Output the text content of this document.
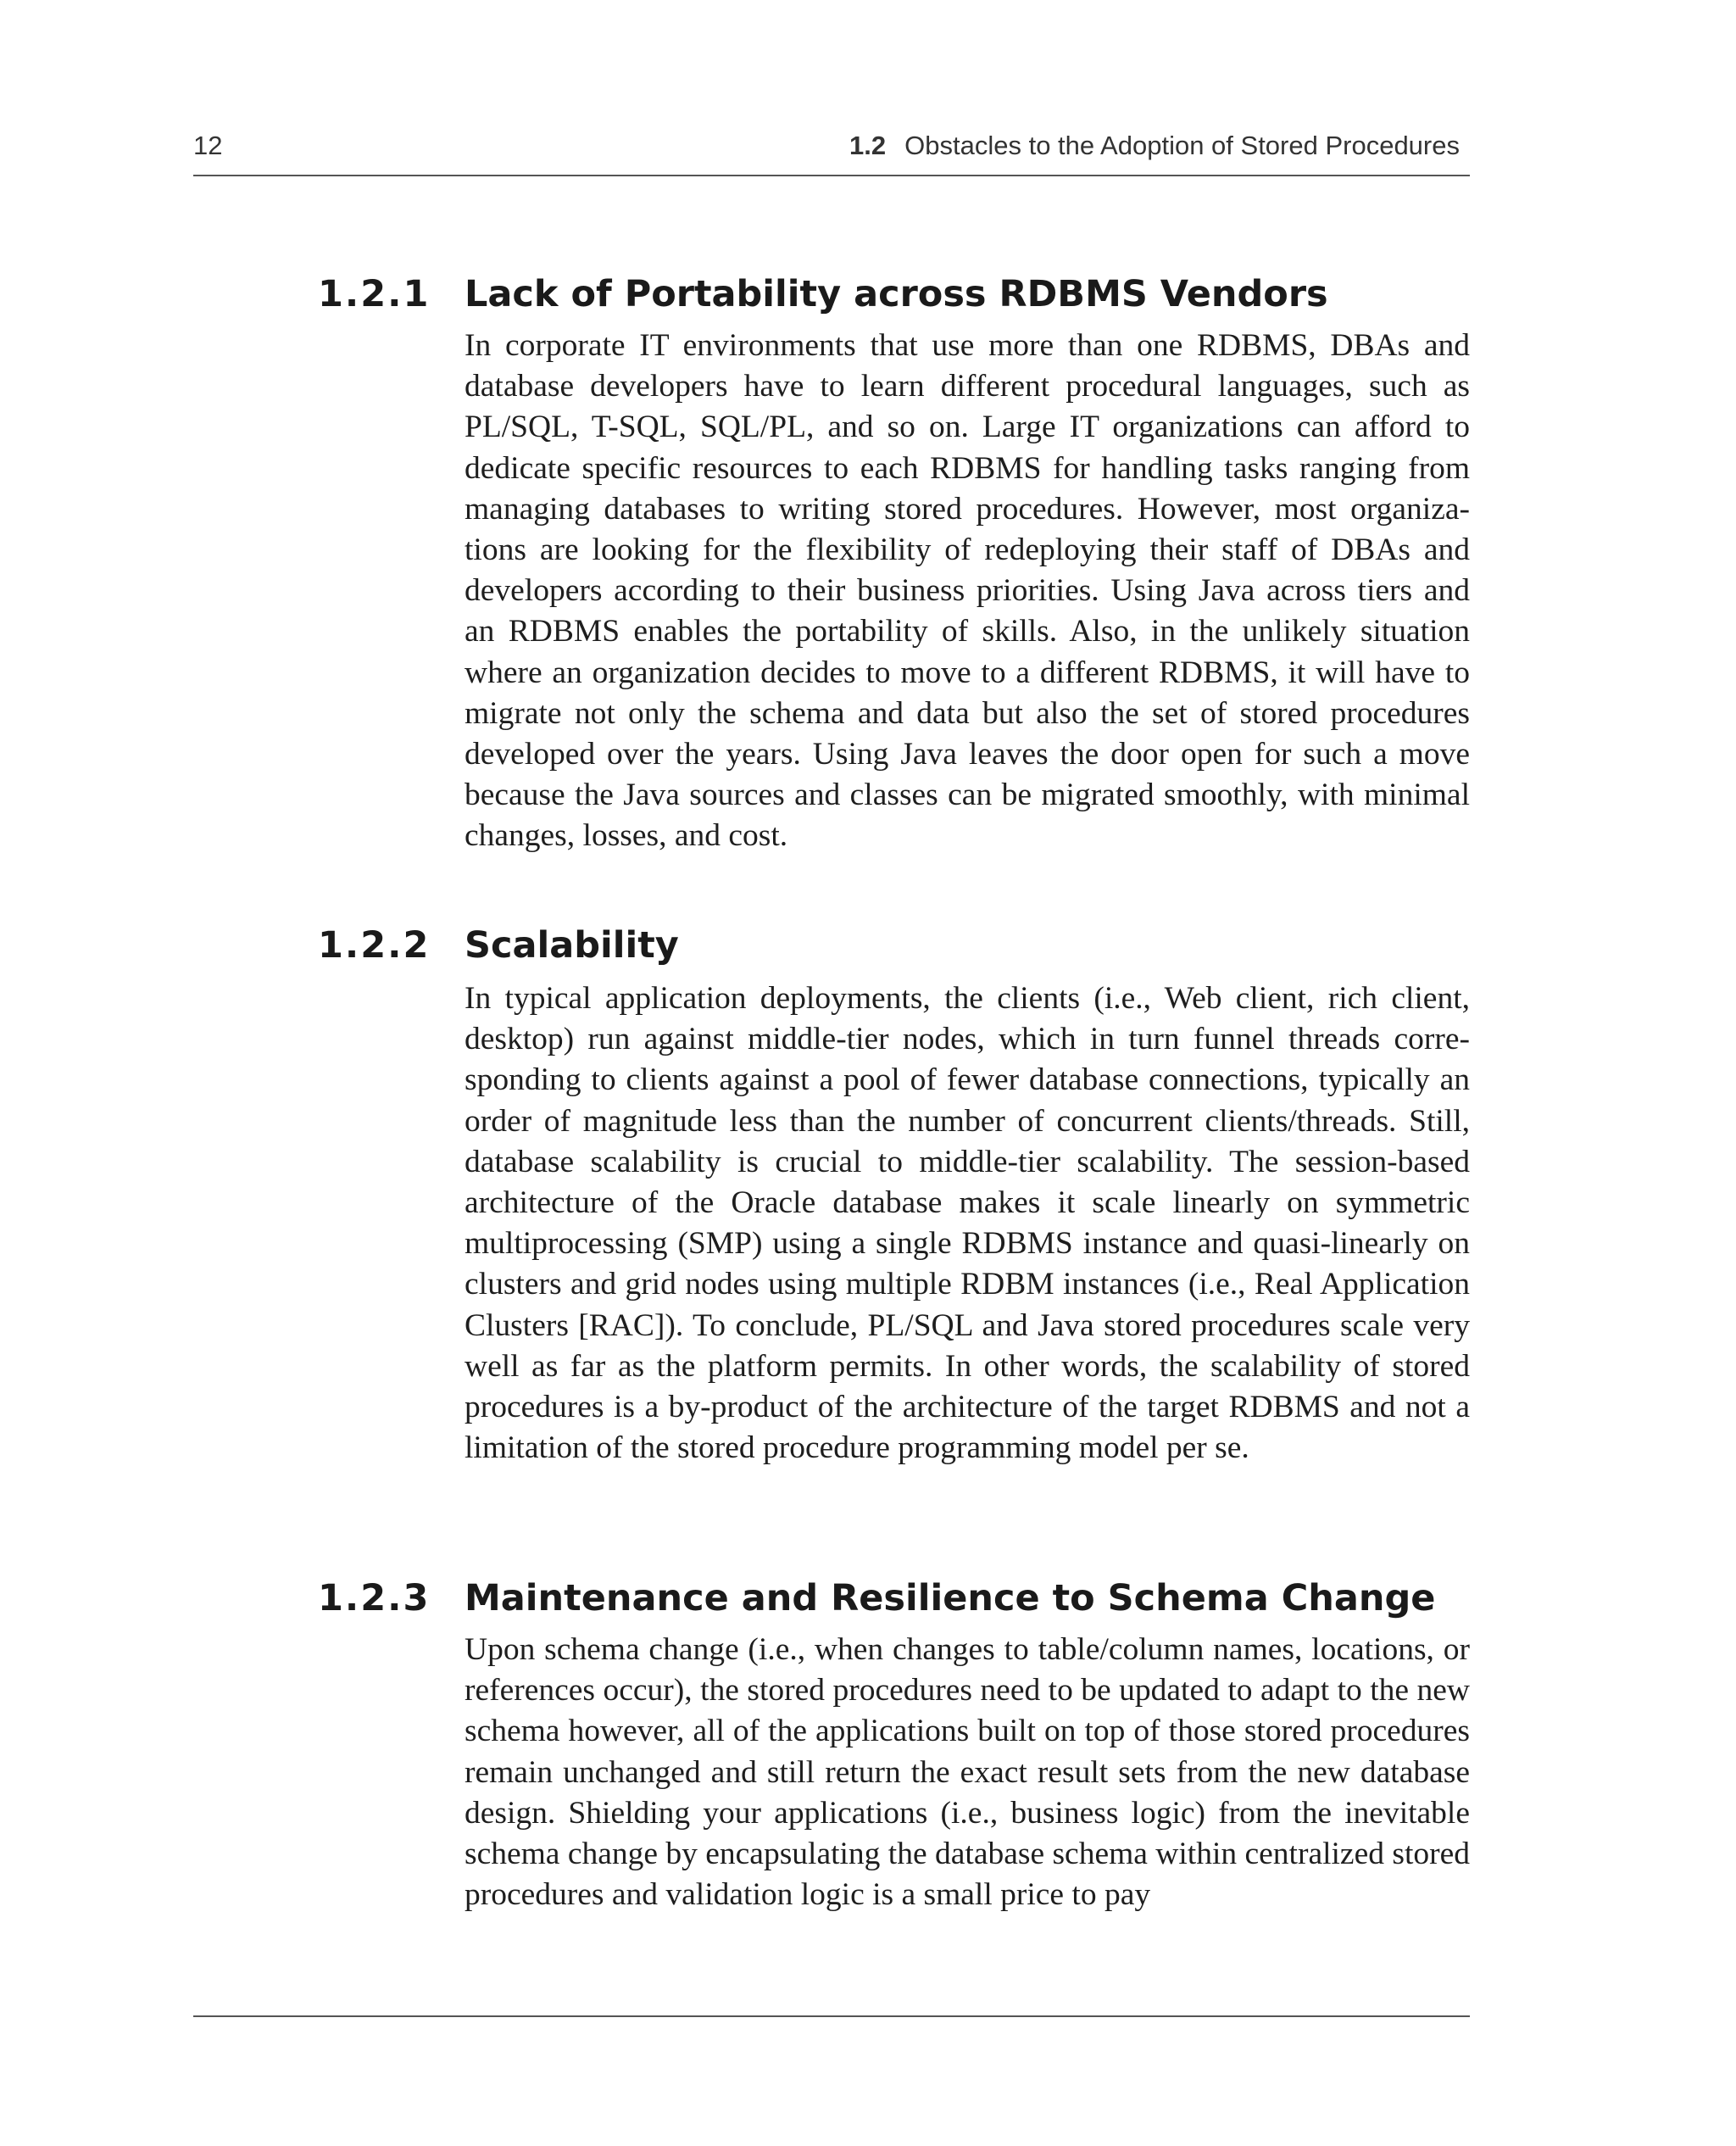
12	1.2 Obstacles to the Adoption of Stored Procedures
1.2.1 Lack of Portability across RDBMS Vendors

In corporate IT environments that use more than one RDBMS, DBAs and database developers have to learn different procedural languages, such as PL/SQL, T-SQL, SQL/PL, and so on. Large IT organizations can afford to dedicate specific resources to each RDBMS for handling tasks ranging from managing databases to writing stored procedures. However, most organizations are looking for the flexibility of redeploying their staff of DBAs and developers according to their business priorities. Using Java across tiers and an RDBMS enables the portability of skills. Also, in the unlikely situation where an organization decides to move to a different RDBMS, it will have to migrate not only the schema and data but also the set of stored procedures developed over the years. Using Java leaves the door open for such a move because the Java sources and classes can be migrated smoothly, with minimal changes, losses, and cost.

1.2.2 Scalability

In typical application deployments, the clients (i.e., Web client, rich client, desktop) run against middle-tier nodes, which in turn funnel threads corresponding to clients against a pool of fewer database connections, typically an order of magnitude less than the number of concurrent clients/threads. Still, database scalability is crucial to middle-tier scalability. The session-based architecture of the Oracle database makes it scale linearly on symmetric multiprocessing (SMP) using a single RDBMS instance and quasi-linearly on clusters and grid nodes using multiple RDBM instances (i.e., Real Application Clusters [RAC]). To conclude, PL/SQL and Java stored procedures scale very well as far as the platform permits. In other words, the scalability of stored procedures is a by-product of the architecture of the target RDBMS and not a limitation of the stored procedure programming model per se.

1.2.3 Maintenance and Resilience to Schema Change

Upon schema change (i.e., when changes to table/column names, locations, or references occur), the stored procedures need to be updated to adapt to the new schema however, all of the applications built on top of those stored procedures remain unchanged and still return the exact result sets from the new database design. Shielding your applications (i.e., business logic) from the inevitable schema change by encapsulating the database schema within centralized stored procedures and validation logic is a small price to pay
